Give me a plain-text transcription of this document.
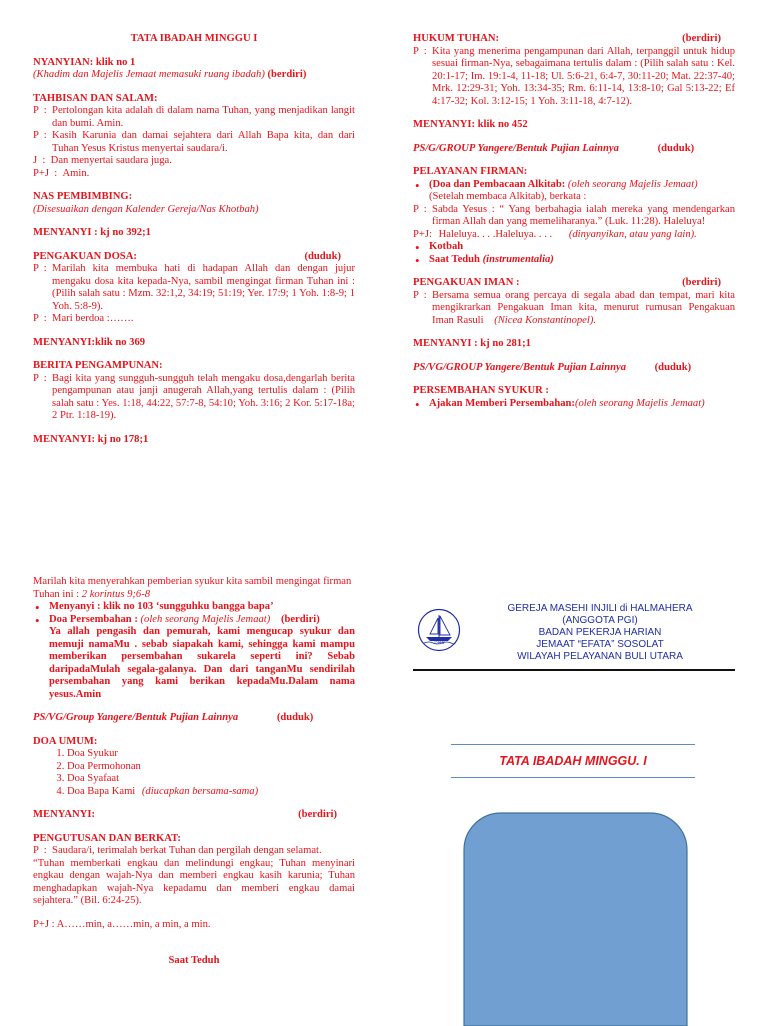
TATA IBADAH MINGGU I
NYANYIAN: klik no 1
(Khadim dan Majelis Jemaat memasuki ruang ibadah) (berdiri)
TAHBISAN DAN SALAM:
P  : Pertolongan kita adalah di dalam nama Tuhan, yang menjadikan langit dan bumi. Amin.
P  : Kasih Karunia dan damai sejahtera dari Allah Bapa kita, dan dari Tuhan Yesus Kristus menyertai saudara/i.
J  : Dan menyertai saudara juga.
P+J  : Amin.
NAS PEMBIMBING:
(Disesuaikan dengan Kalender Gereja/Nas Khotbah)
MENYANYI : kj no 392;1
PENGAKUAN DOSA:	(duduk)
P  : Marilah kita membuka hati di hadapan Allah dan dengan jujur mengaku dosa kita kepada-Nya, sambil mengingat firman Tuhan ini : (Pilih salah satu : Mzm. 32:1,2, 34:19; 51:19; Yer. 17:9; 1 Yoh. 1:8-9; 1 Yoh. 5:8-9).
P  : Mari berdoa :…….
MENYANYI:klik no 369
BERITA PENGAMPUNAN:
P  : Bagi kita yang sungguh-sungguh telah mengaku dosa,dengarlah berita pengampunan atau janji anugerah Allah,yang tertulis dalam : (Pilih salah satu : Yes. 1:18, 44:22, 57:7-8, 54:10; Yoh. 3:16; 2 Kor. 5:17-18a; 2 Ptr. 1:18-19).
MENYANYI: kj no 178;1
HUKUM TUHAN:	(berdiri)
P  : Kita yang menerima pengampunan dari Allah, terpanggil untuk hidup sesuai firman-Nya, sebagaimana tertulis dalam : (Pilih salah satu : Kel. 20:1-17; Im. 19:1-4, 11-18; Ul. 5:6-21, 6:4-7, 30:11-20; Mat. 22:37-40; Mrk. 12:29-31; Yoh. 13:34-35; Rm. 6:11-14, 13:8-10; Gal 5:13-22; Ef 4:17-32; Kol. 3:12-15; 1 Yoh. 3:11-18, 4:7-12).
MENYANYI: klik no 452
PS/G/GROUP Yangere/Bentuk Pujian Lainnya	(duduk)
PELAYANAN FIRMAN:
• (Doa dan Pembacaan Alkitab: (oleh seorang Majelis Jemaat) (Setelah membaca Alkitab), berkata :
P  : Sabda Yesus : “ Yang berbahagia ialah mereka yang mendengarkan firman Allah dan yang memeliharanya.” (Luk. 11:28). Haleluya!
P+J: Haleluya. . . .Haleluya. . . . (dinyanyikan, atau yang lain).
• Kotbah
• Saat Teduh (instrumentalia)
PENGAKUAN IMAN :	(berdiri)
P  : Bersama semua orang percaya di segala abad dan tempat, mari kita mengikrarkan Pengakuan Iman kita, menurut rumusan Pengakuan Iman Rasuli (Nicea Konstantinopel).
MENYANYI : kj no 281;1
PS/VG/GROUP Yangere/Bentuk Pujian Lainnya	(duduk)
PERSEMBAHAN SYUKUR :
• Ajakan Memberi Persembahan:(oleh seorang Majelis Jemaat)
Marilah kita menyerahkan pemberian syukur kita sambil mengingat firman Tuhan ini : 2 korintus 9;6-8
• Menyanyi : klik no 103 ‘sungguhku bangga bapa’
• Doa Persembahan : (oleh seorang Majelis Jemaat) (berdiri)
Ya allah pengasih dan pemurah, kami mengucap syukur dan memuji namaMu . sebab siapakah kami, sehingga kami mampu memberikan persembahan sukarela seperti ini? Sebab daripadaMulah segala-galanya. Dan dari tanganMu sendirilah persembahan yang kami berikan kepadaMu.Dalam nama yesus.Amin
PS/VG/Group Yangere/Bentuk Pujian Lainnya	(duduk)
DOA UMUM:
1. Doa Syukur
2. Doa Permohonan
3. Doa Syafaat
4. Doa Bapa Kami (diucapkan bersama-sama)
MENYANYI:	(berdiri)
PENGUTUSAN DAN BERKAT:
P  : Saudara/i, terimalah berkat Tuhan dan pergilah dengan selamat.
“Tuhan memberkati engkau dan melindungi engkau; Tuhan menyinari engkau dengan wajah-Nya dan memberi engkau kasih karunia; Tuhan menghadapkan wajah-Nya kepadamu dan memberi engkau damai sejahtera.” (Bil. 6:24-25).
P+J : A……min, a……min, a min, a min.
Saat Teduh
1949
GEREJA MASEHI INJILI di HALMAHERA
(ANGGOTA PGI)
BADAN PEKERJA HARIAN
JEMAAT “EFATA” SOSOLAT
WILAYAH PELAYANAN BULI UTARA
TATA IBADAH MINGGU. I
